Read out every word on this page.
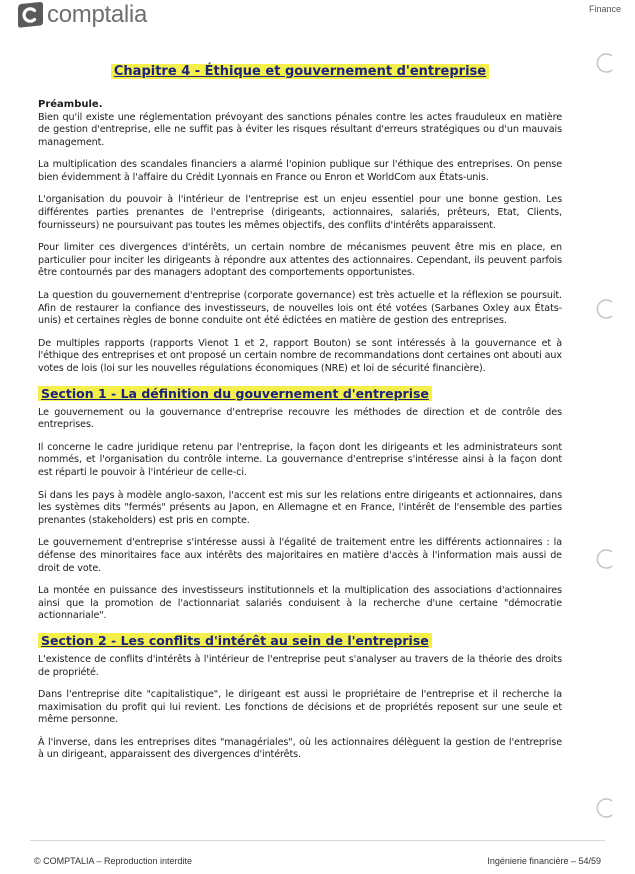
comptalia	Finance
Chapitre 4 - Éthique et gouvernement d'entreprise
Préambule.

Bien qu'il existe une réglementation prévoyant des sanctions pénales contre les actes frauduleux en matière de gestion d'entreprise, elle ne suffit pas à éviter les risques résultant d'erreurs stratégiques ou d'un mauvais management.

La multiplication des scandales financiers a alarmé l'opinion publique sur l'éthique des entreprises. On pense bien évidemment à l'affaire du Crédit Lyonnais en France ou Enron et WorldCom aux États-unis.

L'organisation du pouvoir à l'intérieur de l'entreprise est un enjeu essentiel pour une bonne gestion. Les différentes parties prenantes de l'entreprise (dirigeants, actionnaires, salariés, prêteurs, Etat, Clients, fournisseurs) ne poursuivant pas toutes les mêmes objectifs, des conflits d'intérêts apparaissent.

Pour limiter ces divergences d'intérêts, un certain nombre de mécanismes peuvent être mis en place, en particulier pour inciter les dirigeants à répondre aux attentes des actionnaires. Cependant, ils peuvent parfois être contournés par des managers adoptant des comportements opportunistes.

La question du gouvernement d'entreprise (corporate governance) est très actuelle et la réflexion se poursuit. Afin de restaurer la confiance des investisseurs, de nouvelles lois ont été votées (Sarbanes Oxley aux États-unis) et certaines règles de bonne conduite ont été édictées en matière de gestion des entreprises.

De multiples rapports (rapports Vienot 1 et 2, rapport Bouton) se sont intéressés à la gouvernance et à l'éthique des entreprises et ont proposé un certain nombre de recommandations dont certaines ont abouti aux votes de lois (loi sur les nouvelles régulations économiques (NRE) et loi de sécurité financière).

Section 1 - La définition du gouvernement d'entreprise

Le gouvernement ou la gouvernance d'entreprise recouvre les méthodes de direction et de contrôle des entreprises.

Il concerne le cadre juridique retenu par l'entreprise, la façon dont les dirigeants et les administrateurs sont nommés, et l'organisation du contrôle interne. La gouvernance d'entreprise s'intéresse ainsi à la façon dont est réparti le pouvoir à l'intérieur de celle-ci.

Si dans les pays à modèle anglo-saxon, l'accent est mis sur les relations entre dirigeants et actionnaires, dans les systèmes dits "fermés" présents au Japon, en Allemagne et en France, l'intérêt de l'ensemble des parties prenantes (stakeholders) est pris en compte.

Le gouvernement d'entreprise s'intéresse aussi à l'égalité de traitement entre les différents actionnaires : la défense des minoritaires face aux intérêts des majoritaires en matière d'accès à l'information mais aussi de droit de vote.

La montée en puissance des investisseurs institutionnels et la multiplication des associations d'actionnaires ainsi que la promotion de l'actionnariat salariés conduisent à la recherche d'une certaine "démocratie actionnariale".

Section 2 - Les conflits d'intérêt au sein de l'entreprise

L'existence de conflits d'intérêts à l'intérieur de l'entreprise peut s'analyser au travers de la théorie des droits de propriété.

Dans l'entreprise dite "capitalistique", le dirigeant est aussi le propriétaire de l'entreprise et il recherche la maximisation du profit qui lui revient. Les fonctions de décisions et de propriétés reposent sur une seule et même personne.

À l'inverse, dans les entreprises dites "managériales", où les actionnaires délèguent la gestion de l'entreprise à un dirigeant, apparaissent des divergences d'intérêts.

© COMPTALIA – Reproduction interdite	Ingénierie financière – 54/59
